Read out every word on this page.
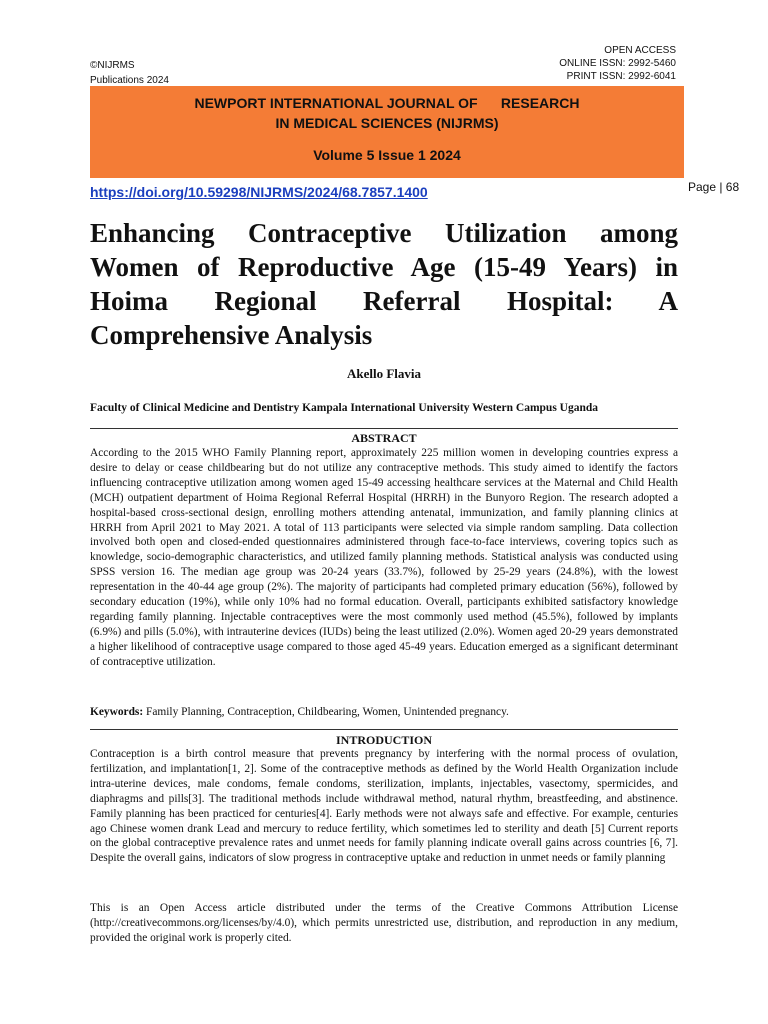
©NIJRMS
Publications 2024
OPEN ACCESS
ONLINE ISSN: 2992-5460
PRINT ISSN: 2992-6041
NEWPORT INTERNATIONAL JOURNAL OF      RESEARCH
IN MEDICAL SCIENCES (NIJRMS)
Volume 5 Issue 1 2024
https://doi.org/10.59298/NIJRMS/2024/68.7857.1400	Page | 68
Enhancing Contraceptive Utilization among Women of Reproductive Age (15-49 Years) in Hoima Regional Referral Hospital: A Comprehensive Analysis
Akello Flavia
Faculty of Clinical Medicine and Dentistry Kampala International University Western Campus Uganda
ABSTRACT

According to the 2015 WHO Family Planning report, approximately 225 million women in developing countries express a desire to delay or cease childbearing but do not utilize any contraceptive methods. This study aimed to identify the factors influencing contraceptive utilization among women aged 15-49 accessing healthcare services at the Maternal and Child Health (MCH) outpatient department of Hoima Regional Referral Hospital (HRRH) in the Bunyoro Region. The research adopted a hospital-based cross-sectional design, enrolling mothers attending antenatal, immunization, and family planning clinics at HRRH from April 2021 to May 2021. A total of 113 participants were selected via simple random sampling. Data collection involved both open and closed-ended questionnaires administered through face-to-face interviews, covering topics such as knowledge, socio-demographic characteristics, and utilized family planning methods. Statistical analysis was conducted using SPSS version 16. The median age group was 20-24 years (33.7%), followed by 25-29 years (24.8%), with the lowest representation in the 40-44 age group (2%). The majority of participants had completed primary education (56%), followed by secondary education (19%), while only 10% had no formal education. Overall, participants exhibited satisfactory knowledge regarding family planning. Injectable contraceptives were the most commonly used method (45.5%), followed by implants (6.9%) and pills (5.0%), with intrauterine devices (IUDs) being the least utilized (2.0%). Women aged 20-29 years demonstrated a higher likelihood of contraceptive usage compared to those aged 45-49 years. Education emerged as a significant determinant of contraceptive utilization.

Keywords: Family Planning, Contraception, Childbearing, Women, Unintended pregnancy.
INTRODUCTION

Contraception is a birth control measure that prevents pregnancy by interfering with the normal process of ovulation, fertilization, and implantation[1, 2]. Some of the contraceptive methods as defined by the World Health Organization include intra-uterine devices, male condoms, female condoms, sterilization, implants, injectables, vasectomy, spermicides, and diaphragms and pills[3]. The traditional methods include withdrawal method, natural rhythm, breastfeeding, and abstinence. Family planning has been practiced for centuries[4]. Early methods were not always safe and effective. For example, centuries ago Chinese women drank Lead and mercury to reduce fertility, which sometimes led to sterility and death [5] Current reports on the global contraceptive prevalence rates and unmet needs for family planning indicate overall gains across countries [6, 7]. Despite the overall gains, indicators of slow progress in contraceptive uptake and reduction in unmet needs or family planning

This is an Open Access article distributed under the terms of the Creative Commons Attribution License (http://creativecommons.org/licenses/by/4.0), which permits unrestricted use, distribution, and reproduction in any medium, provided the original work is properly cited.
